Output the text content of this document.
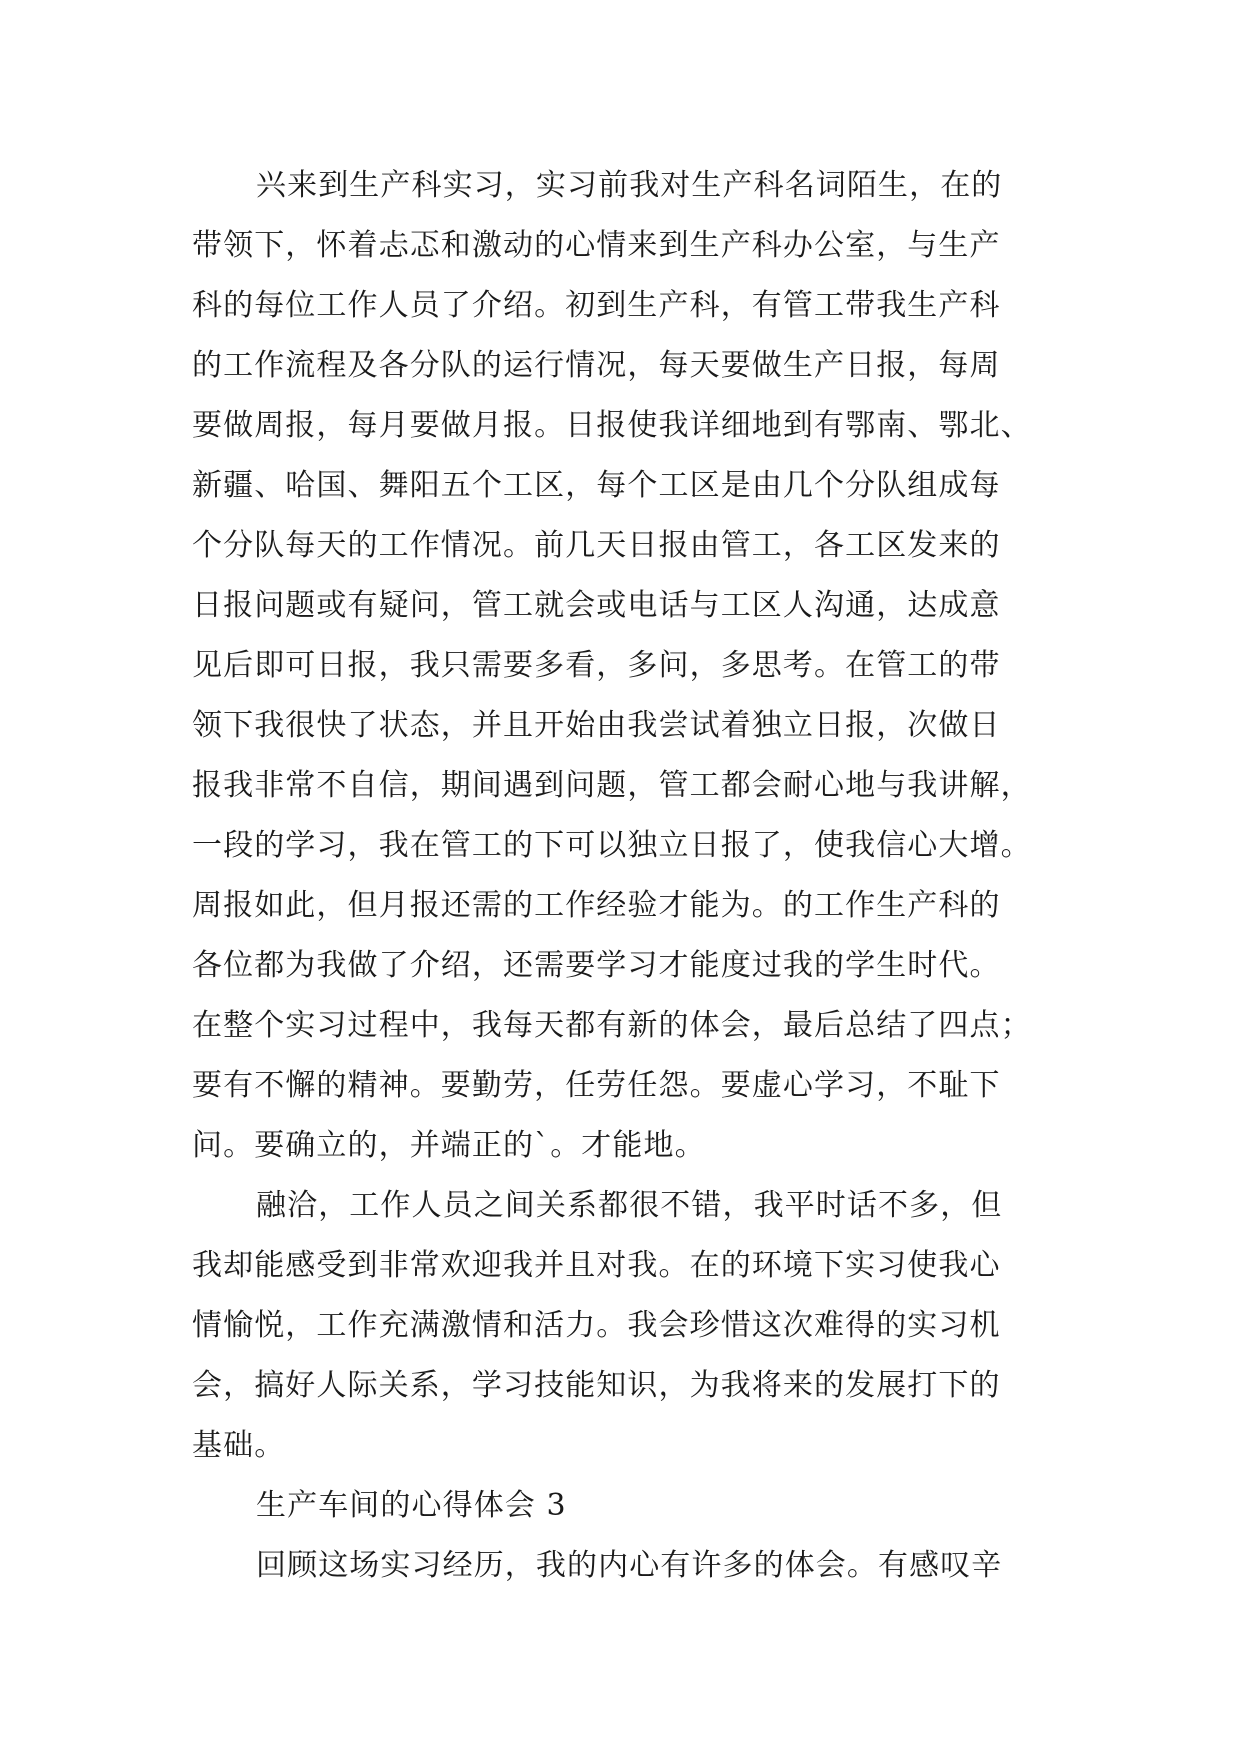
兴来到生产科实习，实习前我对生产科名词陌生，在的
带领下，怀着忐忑和激动的心情来到生产科办公室，与生产
科的每位工作人员了介绍。初到生产科，有管工带我生产科
的工作流程及各分队的运行情况，每天要做生产日报，每周
要做周报，每月要做月报。日报使我详细地到有鄂南、鄂北、
新疆、哈国、舞阳五个工区，每个工区是由几个分队组成每
个分队每天的工作情况。前几天日报由管工，各工区发来的
日报问题或有疑问，管工就会或电话与工区人沟通，达成意
见后即可日报，我只需要多看，多问，多思考。在管工的带
领下我很快了状态，并且开始由我尝试着独立日报，次做日
报我非常不自信，期间遇到问题，管工都会耐心地与我讲解，
一段的学习，我在管工的下可以独立日报了，使我信心大增。
周报如此，但月报还需的工作经验才能为。的工作生产科的
各位都为我做了介绍，还需要学习才能度过我的学生时代。
在整个实习过程中，我每天都有新的体会，最后总结了四点；
要有不懈的精神。要勤劳，任劳任怨。要虚心学习，不耻下
问。要确立的，并端正的`。才能地。
融洽，工作人员之间关系都很不错，我平时话不多，但
我却能感受到非常欢迎我并且对我。在的环境下实习使我心
情愉悦，工作充满激情和活力。我会珍惜这次难得的实习机
会，搞好人际关系，学习技能知识，为我将来的发展打下的
基础。
生产车间的心得体会 3
回顾这场实习经历，我的内心有许多的体会。有感叹辛
